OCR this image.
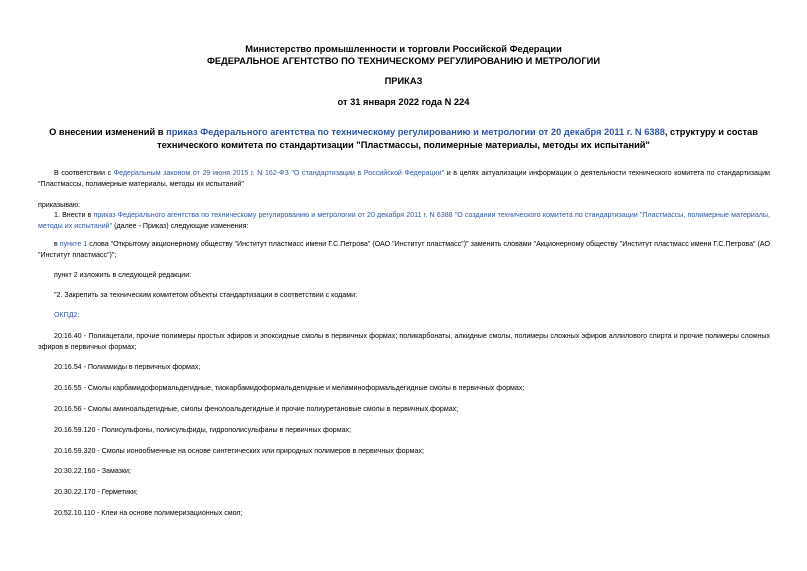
Министерство промышленности и торговли Российской Федерации
ФЕДЕРАЛЬНОЕ АГЕНТСТВО ПО ТЕХНИЧЕСКОМУ РЕГУЛИРОВАНИЮ И МЕТРОЛОГИИ
ПРИКАЗ
от 31 января 2022 года N 224
О внесении изменений в приказ Федерального агентства по техническому регулированию и метрологии от 20 декабря 2011 г. N 6388, структуру и состав технического комитета по стандартизации "Пластмассы, полимерные материалы, методы их испытаний"
В соответствии с Федеральным законом от 29 июня 2015 г. N 162-ФЗ "О стандартизации в Российской Федерации" и в целях актуализации информации о деятельности технического комитета по стандартизации "Пластмассы, полимерные материалы, методы их испытаний"
приказываю:
1. Внести в приказ Федерального агентства по техническому регулированию и метрологии от 20 декабря 2011 г. N 6388 "О создании технического комитета по стандартизации "Пластмассы, полимерные материалы, методы их испытаний" (далее - Приказ) следующие изменения:
в пункте 1 слова "Открытому акционерному обществу "Институт пластмасс имени Г.С.Петрова" (ОАО "Институт пластмасс")" заменить словами "Акционерному обществу "Институт пластмасс имени Г.С.Петрова" (АО "Институт пластмасс")";
пункт 2 изложить в следующей редакции:
"2. Закрепить за техническим комитетом объекты стандартизации в соответствии с кодами:
ОКПД2:
20.16.40 - Полиацетали, прочие полимеры простых эфиров и эпоксидные смолы в первичных формах; поликарбонаты, алкидные смолы, полимеры сложных эфиров аллилового спирта и прочие полимеры сложных эфиров в первичных формах;
20.16.54 - Полиамиды в первичных формах;
20.16.55 - Смолы карбамидоформальдегидные, тиокарбамидоформальдегидные и меламиноформальдегидные смолы в первичных формах;
20.16.56 - Смолы аминоальдегидные, смолы фенолоальдегидные и прочие полиуретановые смолы в первичных формах;
20.16.59.120 - Полисульфоны, полисульфиды, гидрополисульфаны в первичных формах;
20.16.59.320 - Смолы ионообменные на основе синтетических или природных полимеров в первичных формах;
20.30.22.160 - Замазки;
20.30.22.170 - Герметики;
20.52.10.110 - Клеи на основе полимеризационных смол;
